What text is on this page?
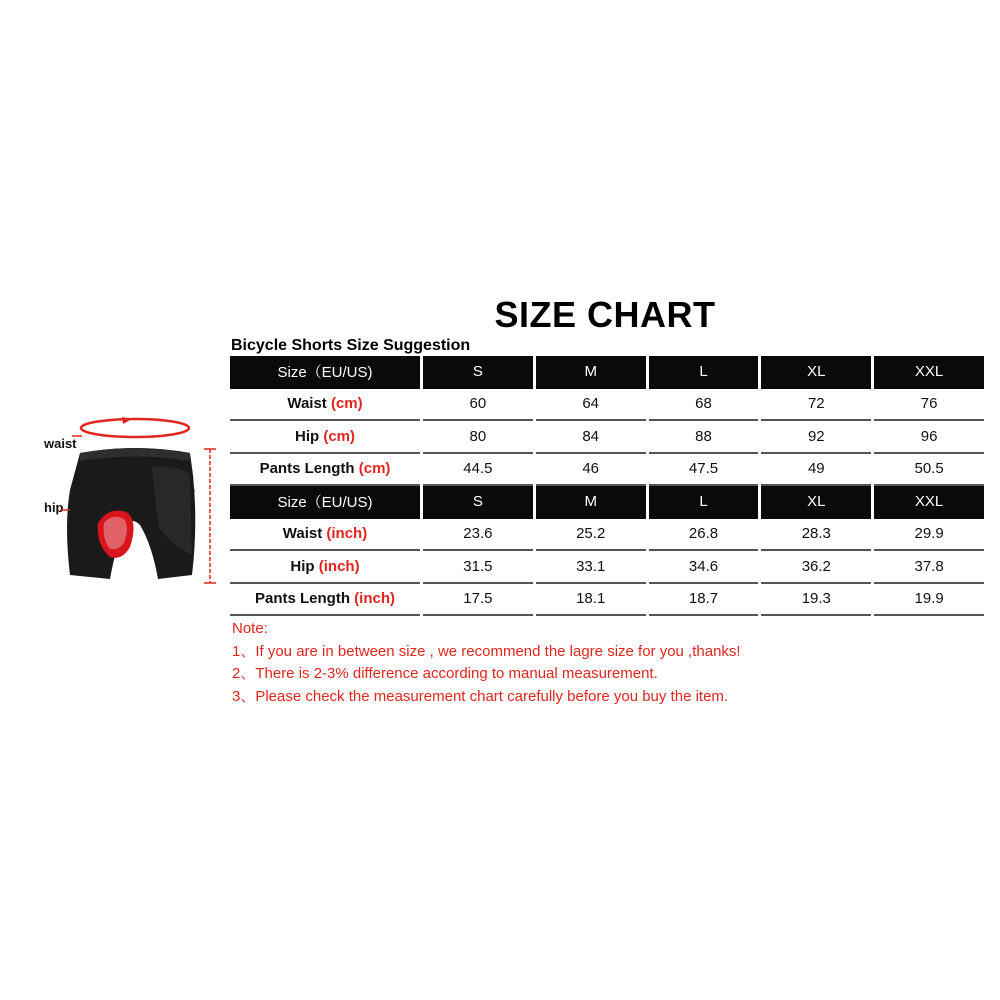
SIZE CHART
Bicycle Shorts Size Suggestion
waist
hip
Size（EU/US)	S	M	L	XL	XXL
Waist (cm)	60	64	68	72	76
Hip (cm)	80	84	88	92	96
Pants Length (cm)	44.5	46	47.5	49	50.5
Size（EU/US)	S	M	L	XL	XXL
Waist (inch)	23.6	25.2	26.8	28.3	29.9
Hip (inch)	31.5	33.1	34.6	36.2	37.8
Pants Length (inch)	17.5	18.1	18.7	19.3	19.9
Note:
1、If you are in between size , we recommend the lagre size for you ,thanks!
2、There is 2-3% difference according to manual measurement.
3、Please check the measurement chart carefully before you buy the item.
